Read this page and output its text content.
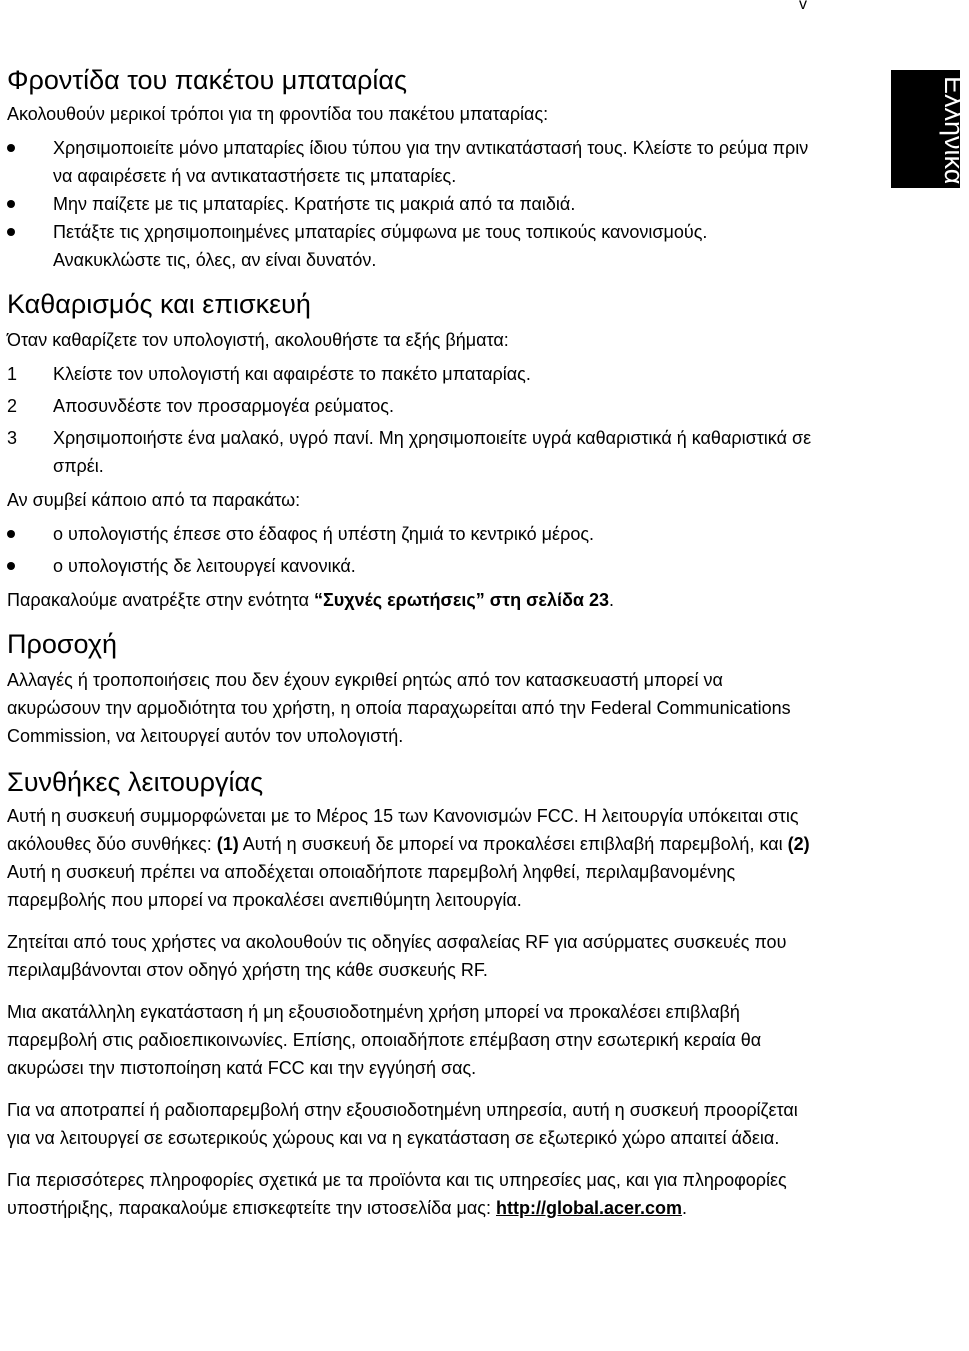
v
Ελληνικά
Φροντίδα του πακέτου μπαταρίας

Ακολουθούν μερικοί τρόποι για τη φροντίδα του πακέτου μπαταρίας:

Χρησιμοποιείτε μόνο μπαταρίες ίδιου τύπου για την αντικατάστασή τους. Κλείστε το ρεύμα πριν να αφαιρέσετε ή να αντικαταστήσετε τις μπαταρίες.
Μην παίζετε με τις μπαταρίες. Κρατήστε τις μακριά από τα παιδιά.
Πετάξτε τις χρησιμοποιημένες μπαταρίες σύμφωνα με τους τοπικούς κανονισμούς. Ανακυκλώστε τις, όλες, αν είναι δυνατόν.
Καθαρισμός και επισκευή

Όταν καθαρίζετε τον υπολογιστή, ακολουθήστε τα εξής βήματα:

1 Κλείστε τον υπολογιστή και αφαιρέστε το πακέτο μπαταρίας.
2 Αποσυνδέστε τον προσαρμογέα ρεύματος.
3 Χρησιμοποιήστε ένα μαλακό, υγρό πανί. Μη χρησιμοποιείτε υγρά καθαριστικά ή καθαριστικά σε σπρέι.

Αν συμβεί κάποιο από τα παρακάτω:

ο υπολογιστής έπεσε στο έδαφος ή υπέστη ζημιά το κεντρικό μέρος.
ο υπολογιστής δε λειτουργεί κανονικά.

Παρακαλούμε ανατρέξτε στην ενότητα “Συχνές ερωτήσεις” στη σελίδα 23.

Προσοχή

Αλλαγές ή τροποποιήσεις που δεν έχουν εγκριθεί ρητώς από τον κατασκευαστή μπορεί να ακυρώσουν την αρμοδιότητα του χρήστη, η οποία παραχωρείται από την Federal Communications Commission, να λειτουργεί αυτόν τον υπολογιστή.

Συνθήκες λειτουργίας

Αυτή η συσκευή συμμορφώνεται με το Μέρος 15 των Κανονισμών FCC. Η λειτουργία υπόκειται στις ακόλουθες δύο συνθήκες: (1) Αυτή η συσκευή δε μπορεί να προκαλέσει επιβλαβή παρεμβολή, και (2) Αυτή η συσκευή πρέπει να αποδέχεται οποιαδήποτε παρεμβολή ληφθεί, περιλαμβανομένης παρεμβολής που μπορεί να προκαλέσει ανεπιθύμητη λειτουργία.

Ζητείται από τους χρήστες να ακολουθούν τις οδηγίες ασφαλείας RF για ασύρματες συσκευές που περιλαμβάνονται στον οδηγό χρήστη της κάθε συσκευής RF.

Μια ακατάλληλη εγκατάσταση ή μη εξουσιοδοτημένη χρήση μπορεί να προκαλέσει επιβλαβή παρεμβολή στις ραδιοεπικοινωνίες. Επίσης, οποιαδήποτε επέμβαση στην εσωτερική κεραία θα ακυρώσει την πιστοποίηση κατά FCC και την εγγύησή σας.

Για να αποτραπεί ή ραδιοπαρεμβολή στην εξουσιοδοτημένη υπηρεσία, αυτή η συσκευή προορίζεται για να λειτουργεί σε εσωτερικούς χώρους και να η εγκατάσταση σε εξωτερικό χώρο απαιτεί άδεια.

Για περισσότερες πληροφορίες σχετικά με τα προϊόντα και τις υπηρεσίες μας, και για πληροφορίες υποστήριξης, παρακαλούμε επισκεφτείτε την ιστοσελίδα μας: http://global.acer.com.
